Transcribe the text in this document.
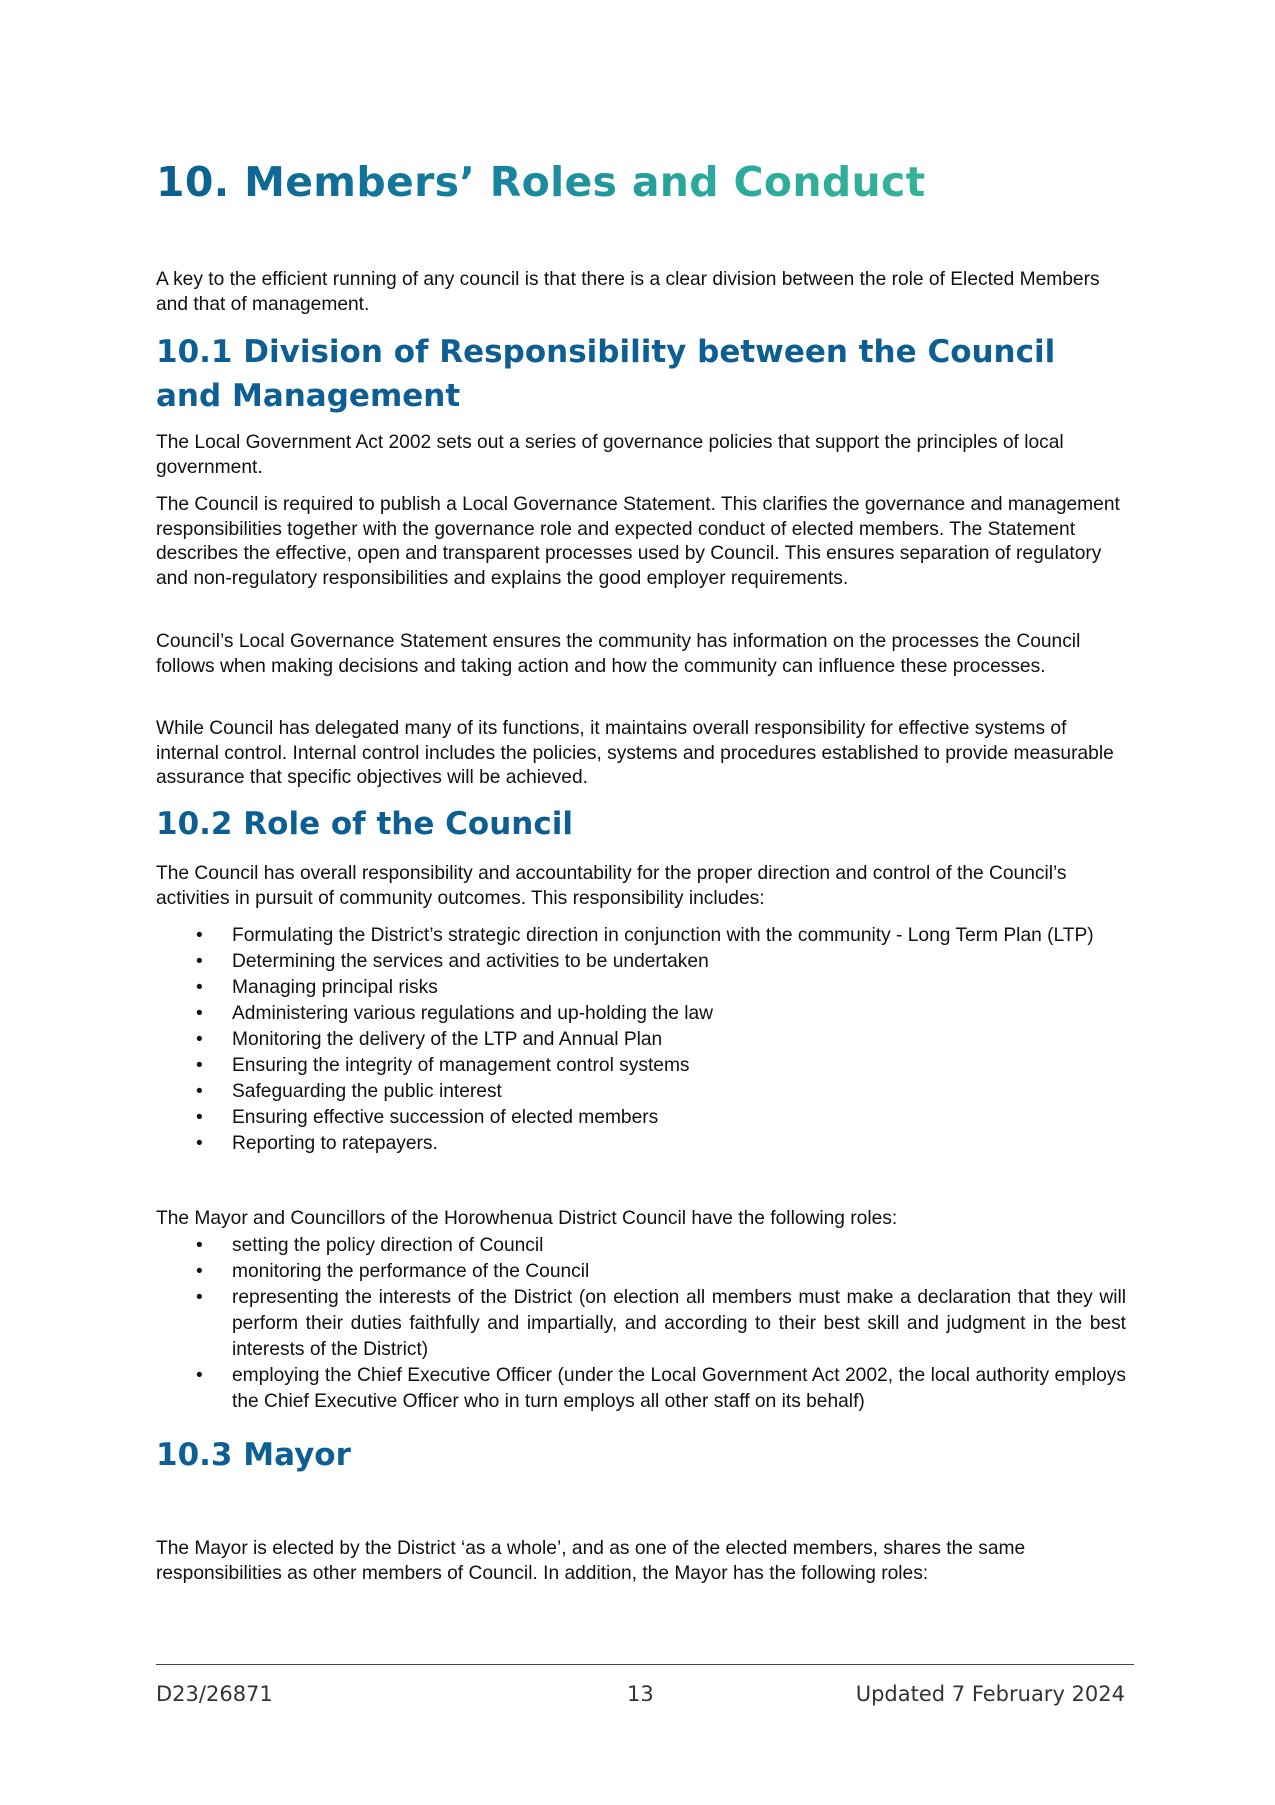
10. Members’ Roles and Conduct

A key to the efficient running of any council is that there is a clear division between the role of Elected Members and that of management.

10.1 Division of Responsibility between the Council and Management

The Local Government Act 2002 sets out a series of governance policies that support the principles of local government.

The Council is required to publish a Local Governance Statement. This clarifies the governance and management responsibilities together with the governance role and expected conduct of elected members. The Statement describes the effective, open and transparent processes used by Council. This ensures separation of regulatory and non-regulatory responsibilities and explains the good employer requirements.

Council’s Local Governance Statement ensures the community has information on the processes the Council follows when making decisions and taking action and how the community can influence these processes.

While Council has delegated many of its functions, it maintains overall responsibility for effective systems of internal control. Internal control includes the policies, systems and procedures established to provide measurable assurance that specific objectives will be achieved.

10.2 Role of the Council

The Council has overall responsibility and accountability for the proper direction and control of the Council’s activities in pursuit of community outcomes. This responsibility includes:

• Formulating the District’s strategic direction in conjunction with the community - Long Term Plan (LTP)
• Determining the services and activities to be undertaken
• Managing principal risks
• Administering various regulations and up-holding the law
• Monitoring the delivery of the LTP and Annual Plan
• Ensuring the integrity of management control systems
• Safeguarding the public interest
• Ensuring effective succession of elected members
• Reporting to ratepayers.

The Mayor and Councillors of the Horowhenua District Council have the following roles:

• setting the policy direction of Council
• monitoring the performance of the Council
• representing the interests of the District (on election all members must make a declaration that they will perform their duties faithfully and impartially, and according to their best skill and judgment in the best interests of the District)
• employing the Chief Executive Officer (under the Local Government Act 2002, the local authority employs the Chief Executive Officer who in turn employs all other staff on its behalf)
10.3 Mayor

The Mayor is elected by the District ‘as a whole’, and as one of the elected members, shares the same responsibilities as other members of Council. In addition, the Mayor has the following roles:

D23/26871	13	Updated 7 February 2024
